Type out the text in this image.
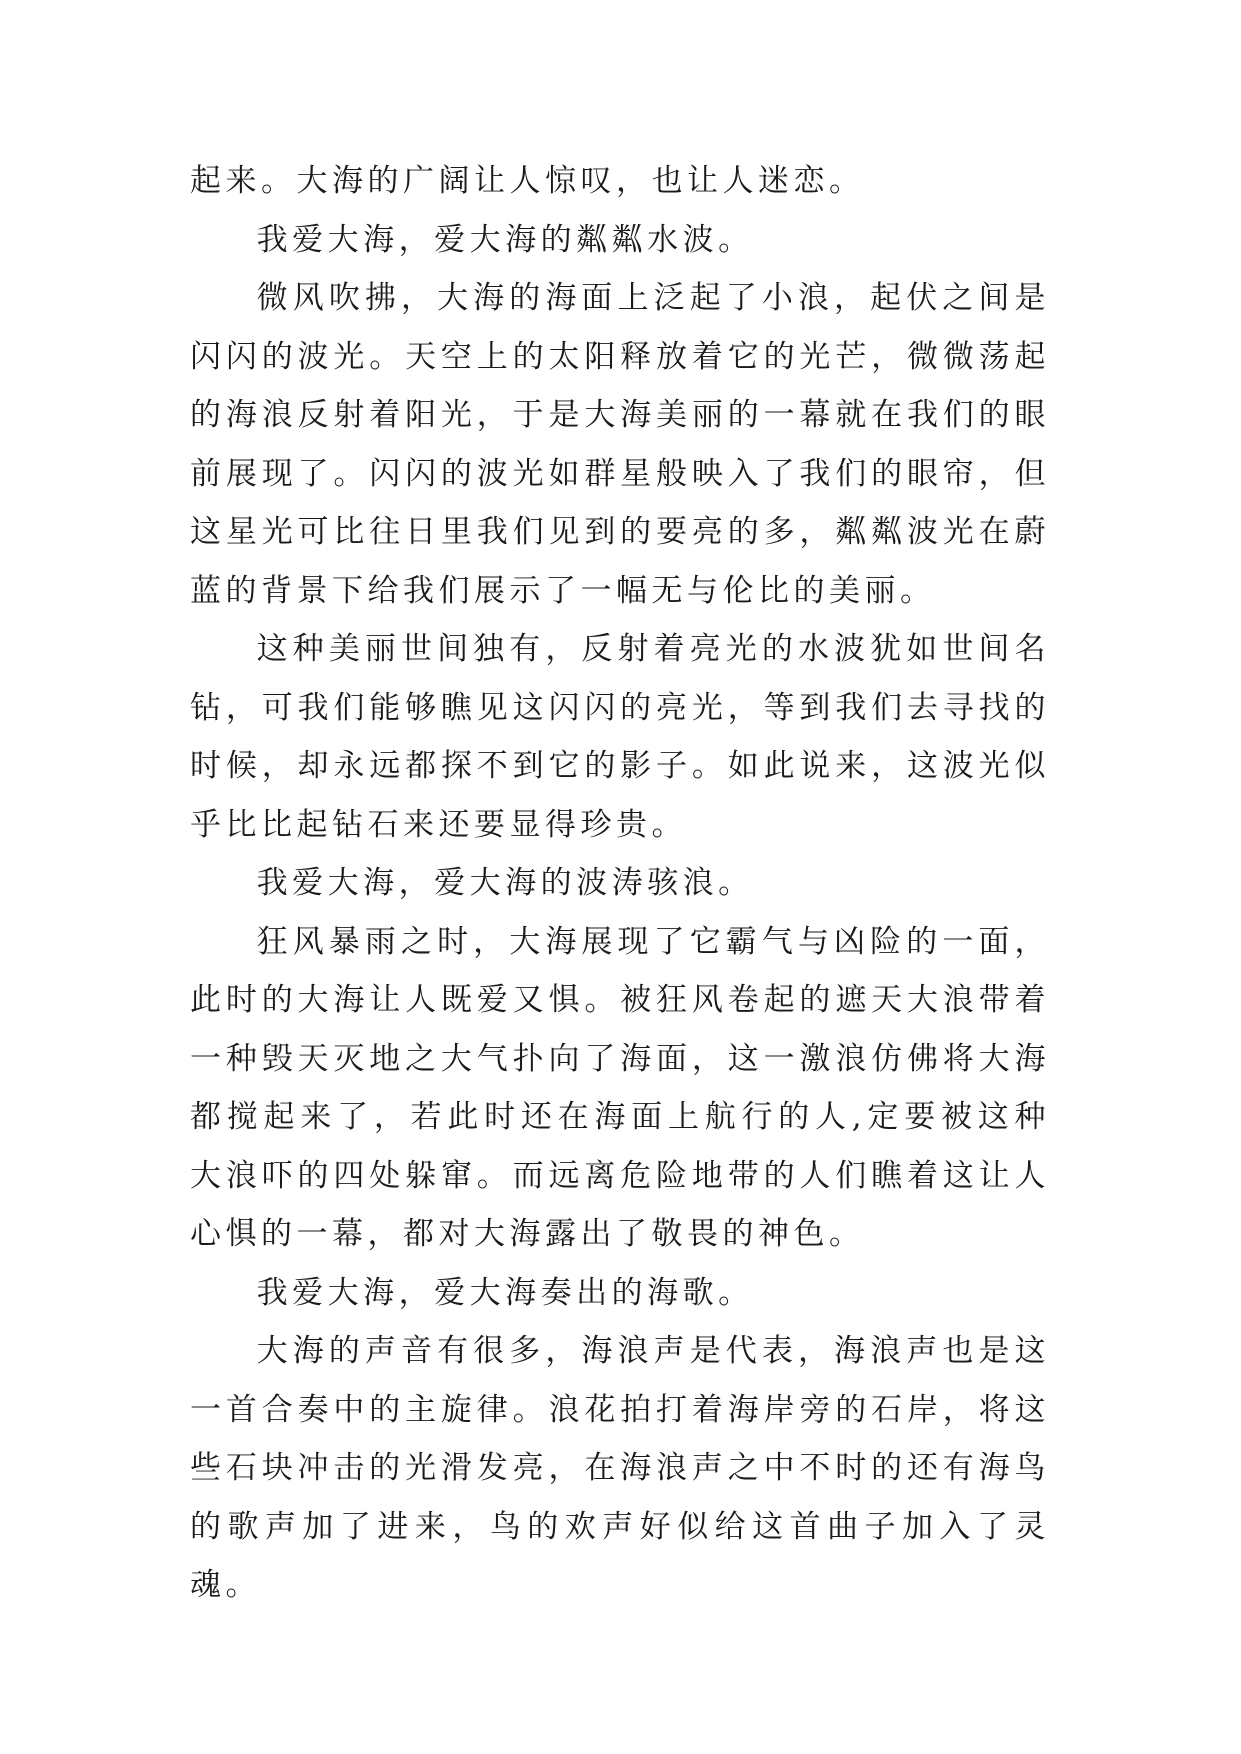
起来。大海的广阔让人惊叹，也让人迷恋。

我爱大海，爱大海的粼粼水波。

微风吹拂，大海的海面上泛起了小浪，起伏之间是闪闪的波光。天空上的太阳释放着它的光芒，微微荡起的海浪反射着阳光，于是大海美丽的一幕就在我们的眼前展现了。闪闪的波光如群星般映入了我们的眼帘，但这星光可比往日里我们见到的要亮的多，粼粼波光在蔚蓝的背景下给我们展示了一幅无与伦比的美丽。

这种美丽世间独有，反射着亮光的水波犹如世间名钻，可我们能够瞧见这闪闪的亮光，等到我们去寻找的时候，却永远都探不到它的影子。如此说来，这波光似乎比比起钻石来还要显得珍贵。

我爱大海，爱大海的波涛骇浪。

狂风暴雨之时，大海展现了它霸气与凶险的一面，此时的大海让人既爱又惧。被狂风卷起的遮天大浪带着一种毁天灭地之大气扑向了海面，这一激浪仿佛将大海都搅起来了，若此时还在海面上航行的人,定要被这种大浪吓的四处躲窜。而远离危险地带的人们瞧着这让人心惧的一幕，都对大海露出了敬畏的神色。

我爱大海，爱大海奏出的海歌。

大海的声音有很多，海浪声是代表，海浪声也是这一首合奏中的主旋律。浪花拍打着海岸旁的石岸，将这些石块冲击的光滑发亮，在海浪声之中不时的还有海鸟的歌声加了进来，鸟的欢声好似给这首曲子加入了灵魂。
